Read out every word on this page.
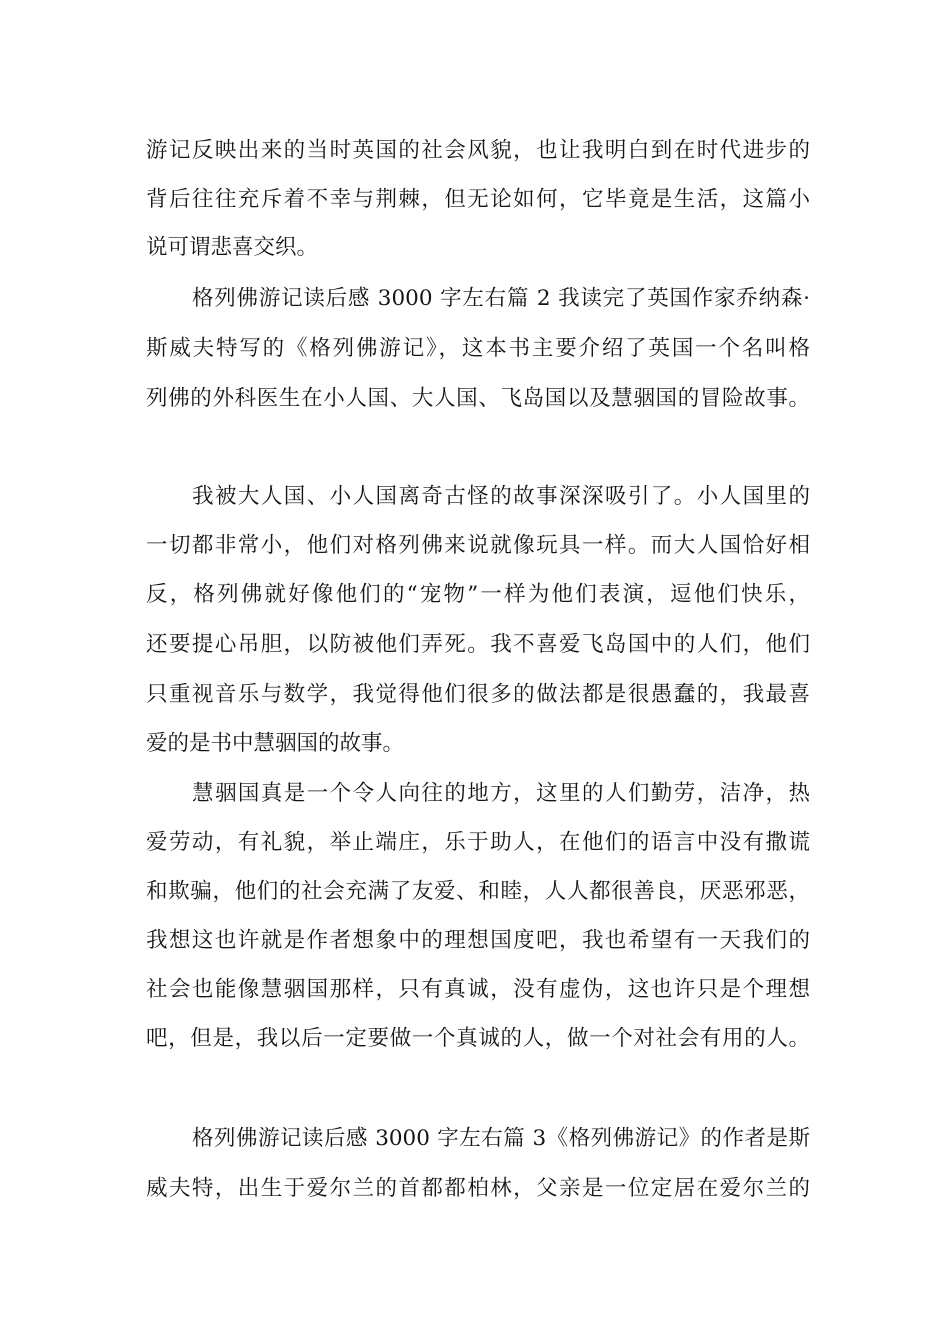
游记反映出来的当时英国的社会风貌，也让我明白到在时代进步的
背后往往充斥着不幸与荆棘，但无论如何，它毕竟是生活，这篇小
说可谓悲喜交织。
格列佛游记读后感 3000 字左右篇 2 我读完了英国作家乔纳森·
斯威夫特写的《格列佛游记》，这本书主要介绍了英国一个名叫格
列佛的外科医生在小人国、大人国、飞岛国以及慧骃国的冒险故事。
我被大人国、小人国离奇古怪的故事深深吸引了。小人国里的
一切都非常小，他们对格列佛来说就像玩具一样。而大人国恰好相
反，格列佛就好像他们的“宠物”一样为他们表演，逗他们快乐，
还要提心吊胆，以防被他们弄死。我不喜爱飞岛国中的人们，他们
只重视音乐与数学，我觉得他们很多的做法都是很愚蠢的，我最喜
爱的是书中慧骃国的故事。
慧骃国真是一个令人向往的地方，这里的人们勤劳，洁净，热
爱劳动，有礼貌，举止端庄，乐于助人，在他们的语言中没有撒谎
和欺骗，他们的社会充满了友爱、和睦，人人都很善良，厌恶邪恶，
我想这也许就是作者想象中的理想国度吧，我也希望有一天我们的
社会也能像慧骃国那样，只有真诚，没有虚伪，这也许只是个理想
吧，但是，我以后一定要做一个真诚的人，做一个对社会有用的人。
格列佛游记读后感 3000 字左右篇 3《格列佛游记》的作者是斯
威夫特，出生于爱尔兰的首都都柏林，父亲是一位定居在爱尔兰的
